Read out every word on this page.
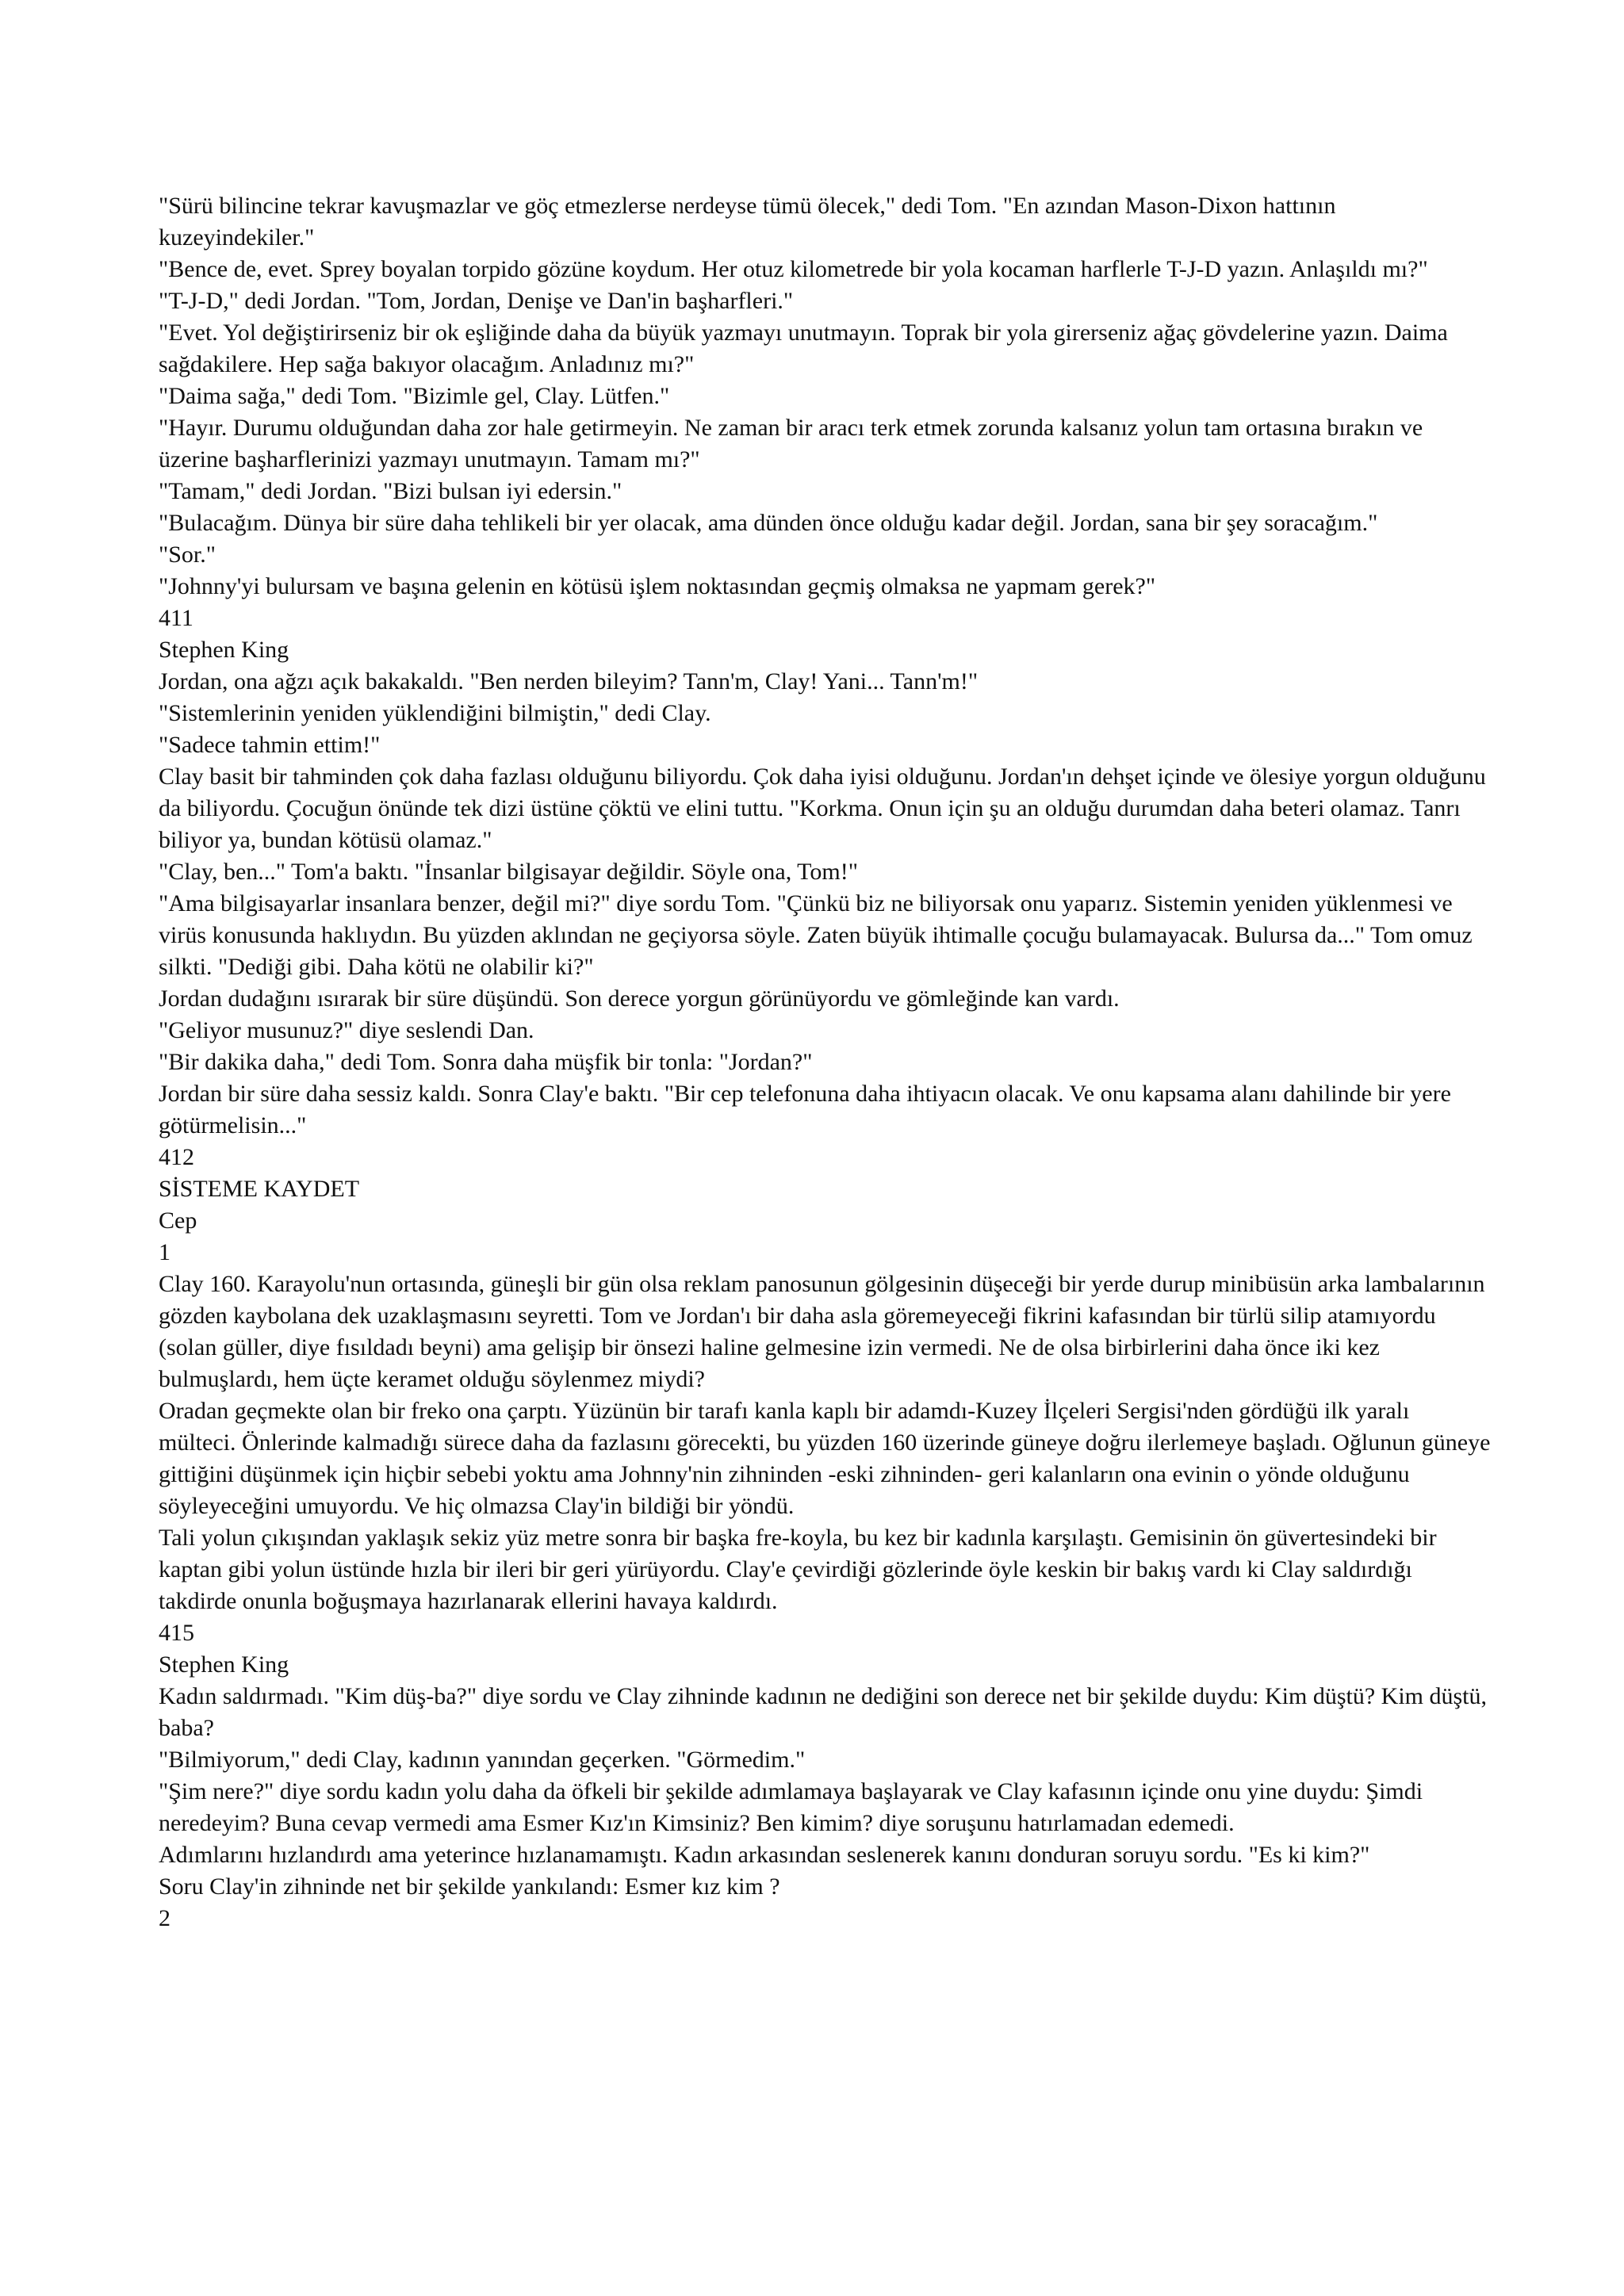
"Sürü bilincine tekrar kavuşmazlar ve göç etmezlerse nerdeyse tümü ölecek," dedi Tom. "En azından Mason-Dixon hattının kuzeyindekiler."

"Bence de, evet. Sprey boyalan torpido gözüne koydum. Her otuz kilometrede bir yola kocaman harflerle T-J-D yazın. Anlaşıldı mı?"

"T-J-D," dedi Jordan. "Tom, Jordan, Denişe ve Dan'in başharfleri."

"Evet. Yol değiştirirseniz bir ok eşliğinde daha da büyük yazmayı unutmayın. Toprak bir yola girerseniz ağaç gövdelerine yazın. Daima sağdakilere. Hep sağa bakıyor olacağım. Anladınız mı?"

"Daima sağa," dedi Tom. "Bizimle gel, Clay. Lütfen."

"Hayır. Durumu olduğundan daha zor hale getirmeyin. Ne zaman bir aracı terk etmek zorunda kalsanız yolun tam ortasına bırakın ve üzerine başharflerinizi yazmayı unutmayın. Tamam mı?"

"Tamam," dedi Jordan. "Bizi bulsan iyi edersin."

"Bulacağım. Dünya bir süre daha tehlikeli bir yer olacak, ama dünden önce olduğu kadar değil. Jordan, sana bir şey soracağım."

"Sor."

"Johnny'yi bulursam ve başına gelenin en kötüsü işlem noktasından geçmiş olmaksa ne yapmam gerek?"

411

Stephen King

Jordan, ona ağzı açık bakakaldı. "Ben nerden bileyim? Tann'm, Clay! Yani... Tann'm!"

"Sistemlerinin yeniden yüklendiğini bilmiştin," dedi Clay.

"Sadece tahmin ettim!"

Clay basit bir tahminden çok daha fazlası olduğunu biliyordu. Çok daha iyisi olduğunu. Jordan'ın dehşet içinde ve ölesiye yorgun olduğunu da biliyordu. Çocuğun önünde tek dizi üstüne çöktü ve elini tuttu. "Korkma. Onun için şu an olduğu durumdan daha beteri olamaz. Tanrı biliyor ya, bundan kötüsü olamaz."

"Clay, ben..." Tom'a baktı. "İnsanlar bilgisayar değildir. Söyle ona, Tom!"

"Ama bilgisayarlar insanlara benzer, değil mi?" diye sordu Tom. "Çünkü biz ne biliyorsak onu yaparız. Sistemin yeniden yüklenmesi ve virüs konusunda haklıydın. Bu yüzden aklından ne geçiyorsa söyle. Zaten büyük ihtimalle çocuğu bulamayacak. Bulursa da..." Tom omuz silkti. "Dediği gibi. Daha kötü ne olabilir ki?"

Jordan dudağını ısırarak bir süre düşündü. Son derece yorgun görünüyordu ve gömleğinde kan vardı.

"Geliyor musunuz?" diye seslendi Dan.

"Bir dakika daha," dedi Tom. Sonra daha müşfik bir tonla: "Jordan?"

Jordan bir süre daha sessiz kaldı. Sonra Clay'e baktı. "Bir cep telefonuna daha ihtiyacın olacak. Ve onu kapsama alanı dahilinde bir yere götürmelisin..."

412

SİSTEME KAYDET

Cep

1

Clay 160. Karayolu'nun ortasında, güneşli bir gün olsa reklam panosunun gölgesinin düşeceği bir yerde durup minibüsün arka lambalarının gözden kaybolana dek uzaklaşmasını seyretti. Tom ve Jordan'ı bir daha asla göremeyeceği fikrini kafasından bir türlü silip atamıyordu (solan güller, diye fısıldadı beyni) ama gelişip bir önsezi haline gelmesine izin vermedi. Ne de olsa birbirlerini daha önce iki kez bulmuşlardı, hem üçte keramet olduğu söylenmez miydi?

Oradan geçmekte olan bir freko ona çarptı. Yüzünün bir tarafı kanla kaplı bir adamdı-Kuzey İlçeleri Sergisi'nden gördüğü ilk yaralı mülteci. Önlerinde kalmadığı sürece daha da fazlasını görecekti, bu yüzden 160 üzerinde güneye doğru ilerlemeye başladı. Oğlunun güneye gittiğini düşünmek için hiçbir sebebi yoktu ama Johnny'nin zihninden -eski zihninden- geri kalanların ona evinin o yönde olduğunu söyleyeceğini umuyordu. Ve hiç olmazsa Clay'in bildiği bir yöndü.

Tali yolun çıkışından yaklaşık sekiz yüz metre sonra bir başka fre-koyla, bu kez bir kadınla karşılaştı. Gemisinin ön güvertesindeki bir kaptan gibi yolun üstünde hızla bir ileri bir geri yürüyordu. Clay'e çevirdiği gözlerinde öyle keskin bir bakış vardı ki Clay saldırdığı takdirde onunla boğuşmaya hazırlanarak ellerini havaya kaldırdı.

415

Stephen King

Kadın saldırmadı. "Kim düş-ba?" diye sordu ve Clay zihninde kadının ne dediğini son derece net bir şekilde duydu: Kim düştü? Kim düştü, baba?

"Bilmiyorum," dedi Clay, kadının yanından geçerken. "Görmedim."

"Şim nere?" diye sordu kadın yolu daha da öfkeli bir şekilde adımlamaya başlayarak ve Clay kafasının içinde onu yine duydu: Şimdi neredeyim? Buna cevap vermedi ama Esmer Kız'ın Kimsiniz? Ben kimim? diye soruşunu hatırlamadan edemedi.

Adımlarını hızlandırdı ama yeterince hızlanamamıştı. Kadın arkasından seslenerek kanını donduran soruyu sordu. "Es ki kim?"

Soru Clay'in zihninde net bir şekilde yankılandı: Esmer kız kim ?

2
